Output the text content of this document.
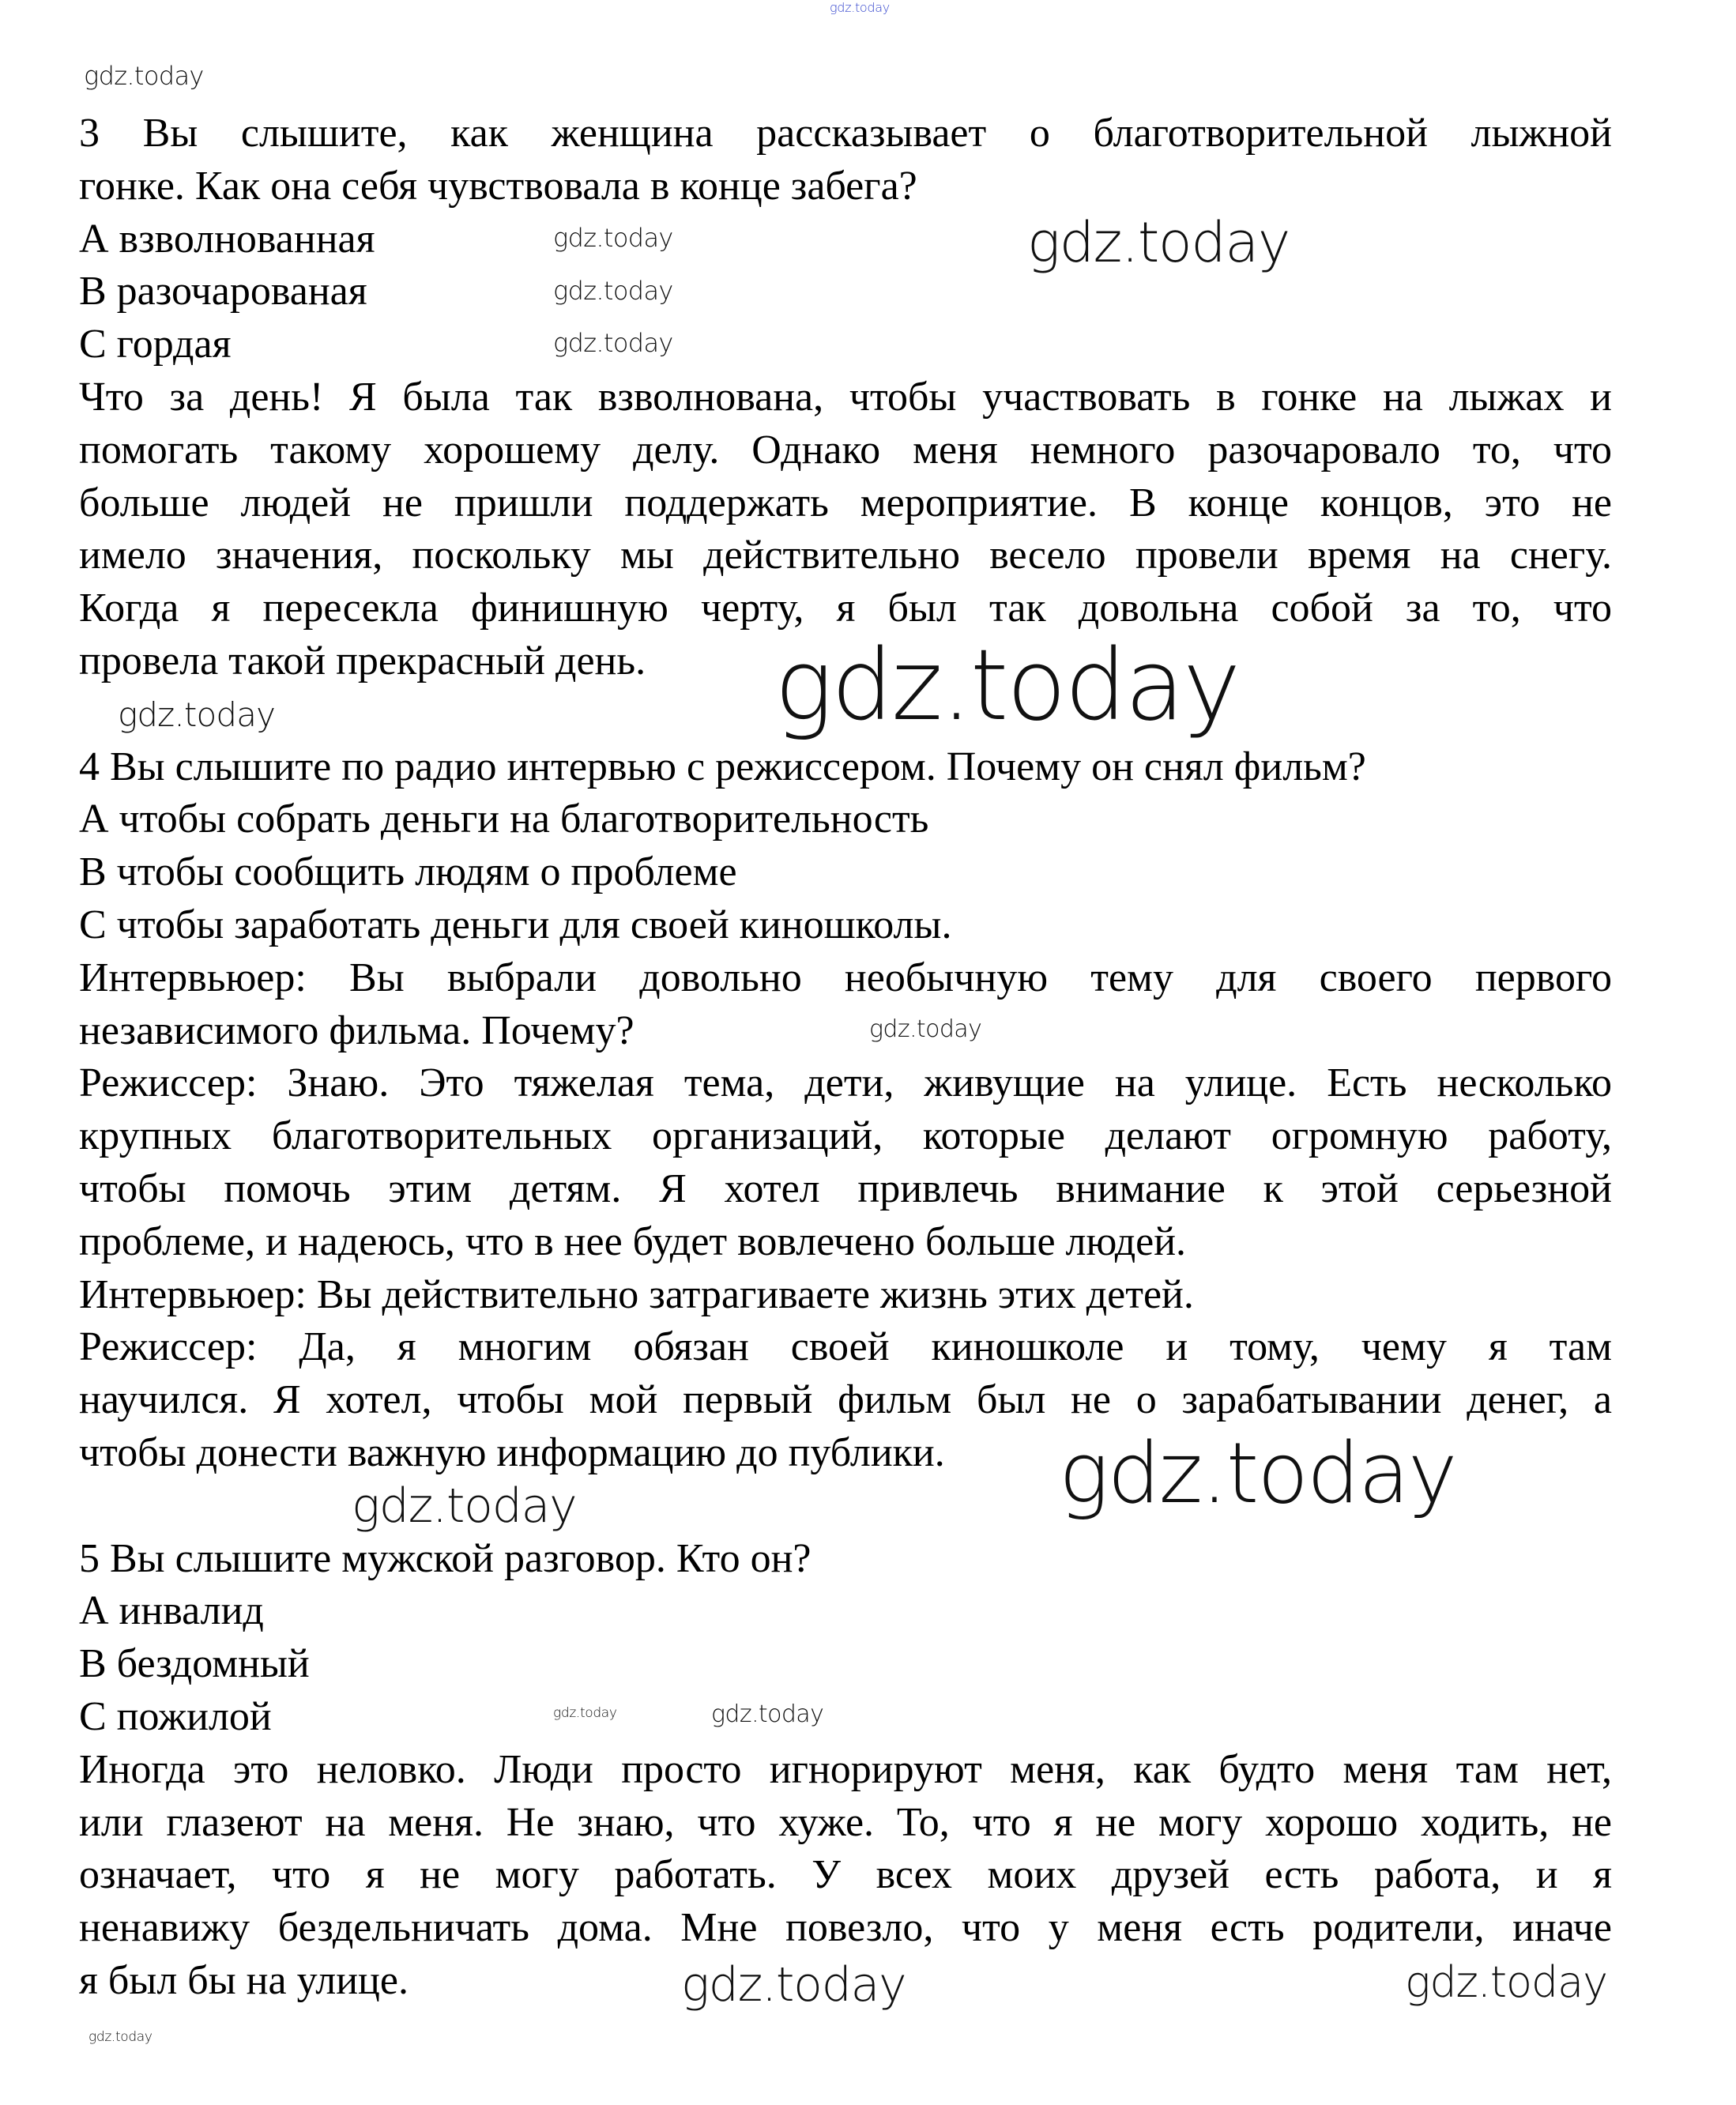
3 Вы слышите, как женщина рассказывает о благотворительной лыжной
гонке. Как она себя чувствовала в конце забега?
А взволнованная
В разочарованая
С гордая
Что за день! Я была так взволнована, чтобы участвовать в гонке на лыжах и
помогать такому хорошему делу. Однако меня немного разочаровало то, что
больше людей не пришли поддержать мероприятие. В конце концов, это не
имело значения, поскольку мы действительно весело провели время на снегу.
Когда я пересекла финишную черту, я был так довольна собой за то, что
провела такой прекрасный день.
4 Вы слышите по радио интервью с режиссером. Почему он снял фильм?
А чтобы собрать деньги на благотворительность
В чтобы сообщить людям о проблеме
С чтобы заработать деньги для своей киношколы.
Интервьюер: Вы выбрали довольно необычную тему для своего первого
независимого фильма. Почему?
Режиссер: Знаю. Это тяжелая тема, дети, живущие на улице. Есть несколько
крупных благотворительных организаций, которые делают огромную работу,
чтобы помочь этим детям. Я хотел привлечь внимание к этой серьезной
проблеме, и надеюсь, что в нее будет вовлечено больше людей.
Интервьюер: Вы действительно затрагиваете жизнь этих детей.
Режиссер: Да, я многим обязан своей киношколе и тому, чему я там
научился. Я хотел, чтобы мой первый фильм был не о зарабатывании денег, а
чтобы донести важную информацию до публики.
5 Вы слышите мужской разговор. Кто он?
А инвалид
В бездомный
С пожилой
Иногда это неловко. Люди просто игнорируют меня, как будто меня там нет,
или глазеют на меня. Не знаю, что хуже. То, что я не могу хорошо ходить, не
означает, что я не могу работать. У всех моих друзей есть работа, и я
ненавижу бездельничать дома. Мне повезло, что у меня есть родители, иначе
я был бы на улице.
gdz.today
gdz.today
gdz.today
gdz.today
gdz.today
gdz.today
gdz.today
gdz.today
gdz.today
gdz.today
gdz.today
gdz.today	gdz.today
gdz.today
gdz.today	gdz.today
